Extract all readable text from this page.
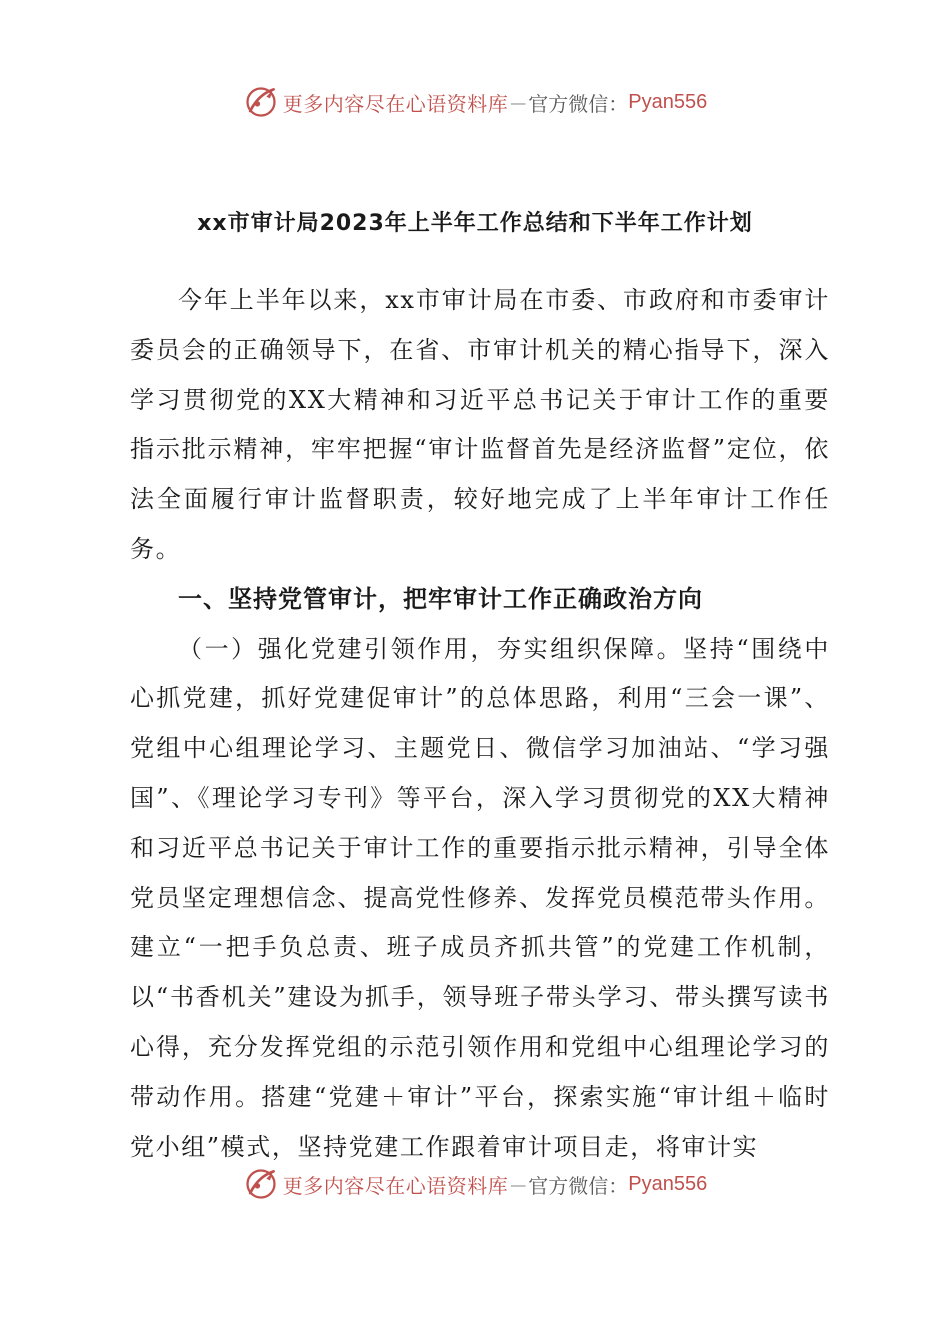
更多内容尽在心语资料库 — 官方微信： Pyan556
xx市审计局2023年上半年工作总结和下半年工作计划

今年上半年以来，xx市审计局在市委、市政府和市委审计委员会的正确领导下，在省、市审计机关的精心指导下，深入学习贯彻党的XX大精神和习近平总书记关于审计工作的重要指示批示精神，牢牢把握“审计监督首先是经济监督”定位，依法全面履行审计监督职责，较好地完成了上半年审计工作任务。

一、坚持党管审计，把牢审计工作正确政治方向

（一）强化党建引领作用，夯实组织保障。坚持“围绕中心抓党建，抓好党建促审计”的总体思路，利用“三会一课”、党组中心组理论学习、主题党日、微信学习加油站、“学习强国”、《理论学习专刊》等平台，深入学习贯彻党的XX大精神和习近平总书记关于审计工作的重要指示批示精神，引导全体党员坚定理想信念、提高党性修养、发挥党员模范带头作用。建立“一把手负总责、班子成员齐抓共管”的党建工作机制，以“书香机关”建设为抓手，领导班子带头学习、带头撰写读书心得，充分发挥党组的示范引领作用和党组中心组理论学习的带动作用。搭建“党建＋审计”平台，探索实施“审计组＋临时党小组”模式，坚持党建工作跟着审计项目走，将审计实

更多内容尽在心语资料库 — 官方微信： Pyan556
